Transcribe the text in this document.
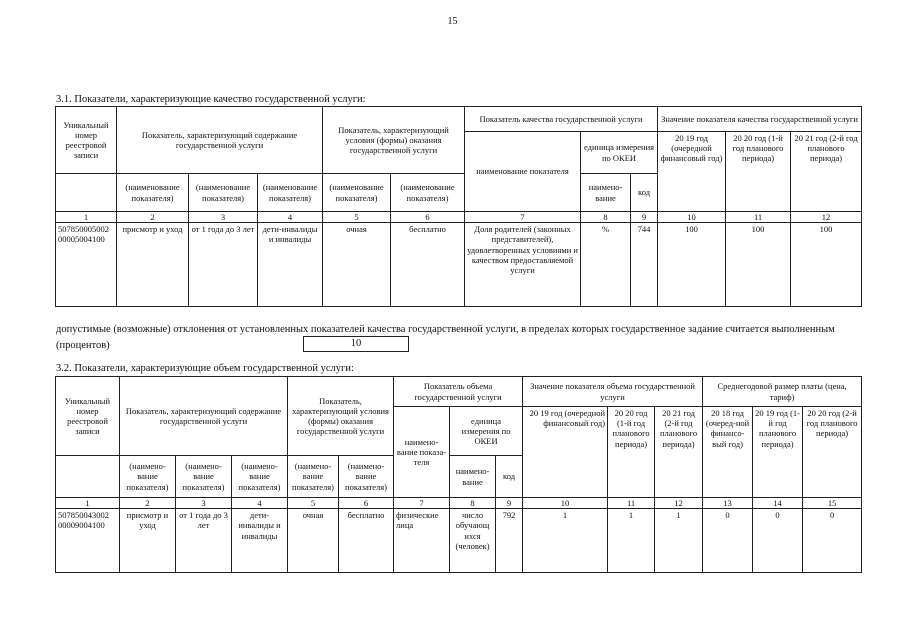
15
3.1. Показатели, характеризующие качество государственной услуги:
Уникальный номер реестровой записи	Показатель, характеризующий содержание государственной услуги			Показатель, характеризующий условия (формы) оказания государственной услуги		Показатель качества государственной услуги			Значение показателя качества государственной услуги		
						наименование показателя	единица измерения по ОКЕИ		20 19 год (очередной финансовый год)	20 20 год (1-й год планового периода)	20 21 год (2-й год планового периода)
	(наименование показателя)	(наименование показателя)	(наименование показателя)	(наименование показателя)	(наименование показателя)		наимено-вание	код			
1	2	3	4	5	6	7	8	9	10	11	12
507850005002 00005004100	присмотр и уход	от 1 года до 3 лет	дети-инвалиды и инвалиды	очная	бесплатно	Доля родителей (законных представителей), удовлетворенных условиями и качеством предоставляемой услуги	%	744	100	100	100
допустимые (возможные) отклонения от установленных показателей качества государственной услуги, в пределах которых государственное задание считается выполненным (процентов)	10
3.2. Показатели, характеризующие объем государственной услуги:
Уникальный номер реестровой записи	Показатель, характеризующий содержание государственной услуги			Показатель, характеризующий условия (формы) оказания государственной услуги		Показатель объема государственной услуги			Значение показателя объема государственной услуги			Среднегодовой размер платы (цена, тариф)		
						наимено-вание показа-теля	единица измерения по ОКЕИ		20 19 год (очередной финансовый год)	20 20 год (1-й год планового периода)	20 21 год (2-й год планового периода)	20 18 год (очеред-ной финансо-вый год)	20 19 год (1-й год планового периода)	20 20 год (2-й год планового периода)
	(наимено-вание показателя)	(наимено-вание показателя)	(наимено-вание показателя)	(наимено-вание показателя)	(наимено-вание показателя)		наимено-вание	код						
1	2	3	4	5	6	7	8	9	10	11	12	13	14	15
507850043002 00009004100	присмотр и уход	от 1 года до 3 лет	дети-инвалиды и инвалиды	очная	бесплатно	физические лица	число обучающ ихся (человек)	792	1	1	1	0	0	0
